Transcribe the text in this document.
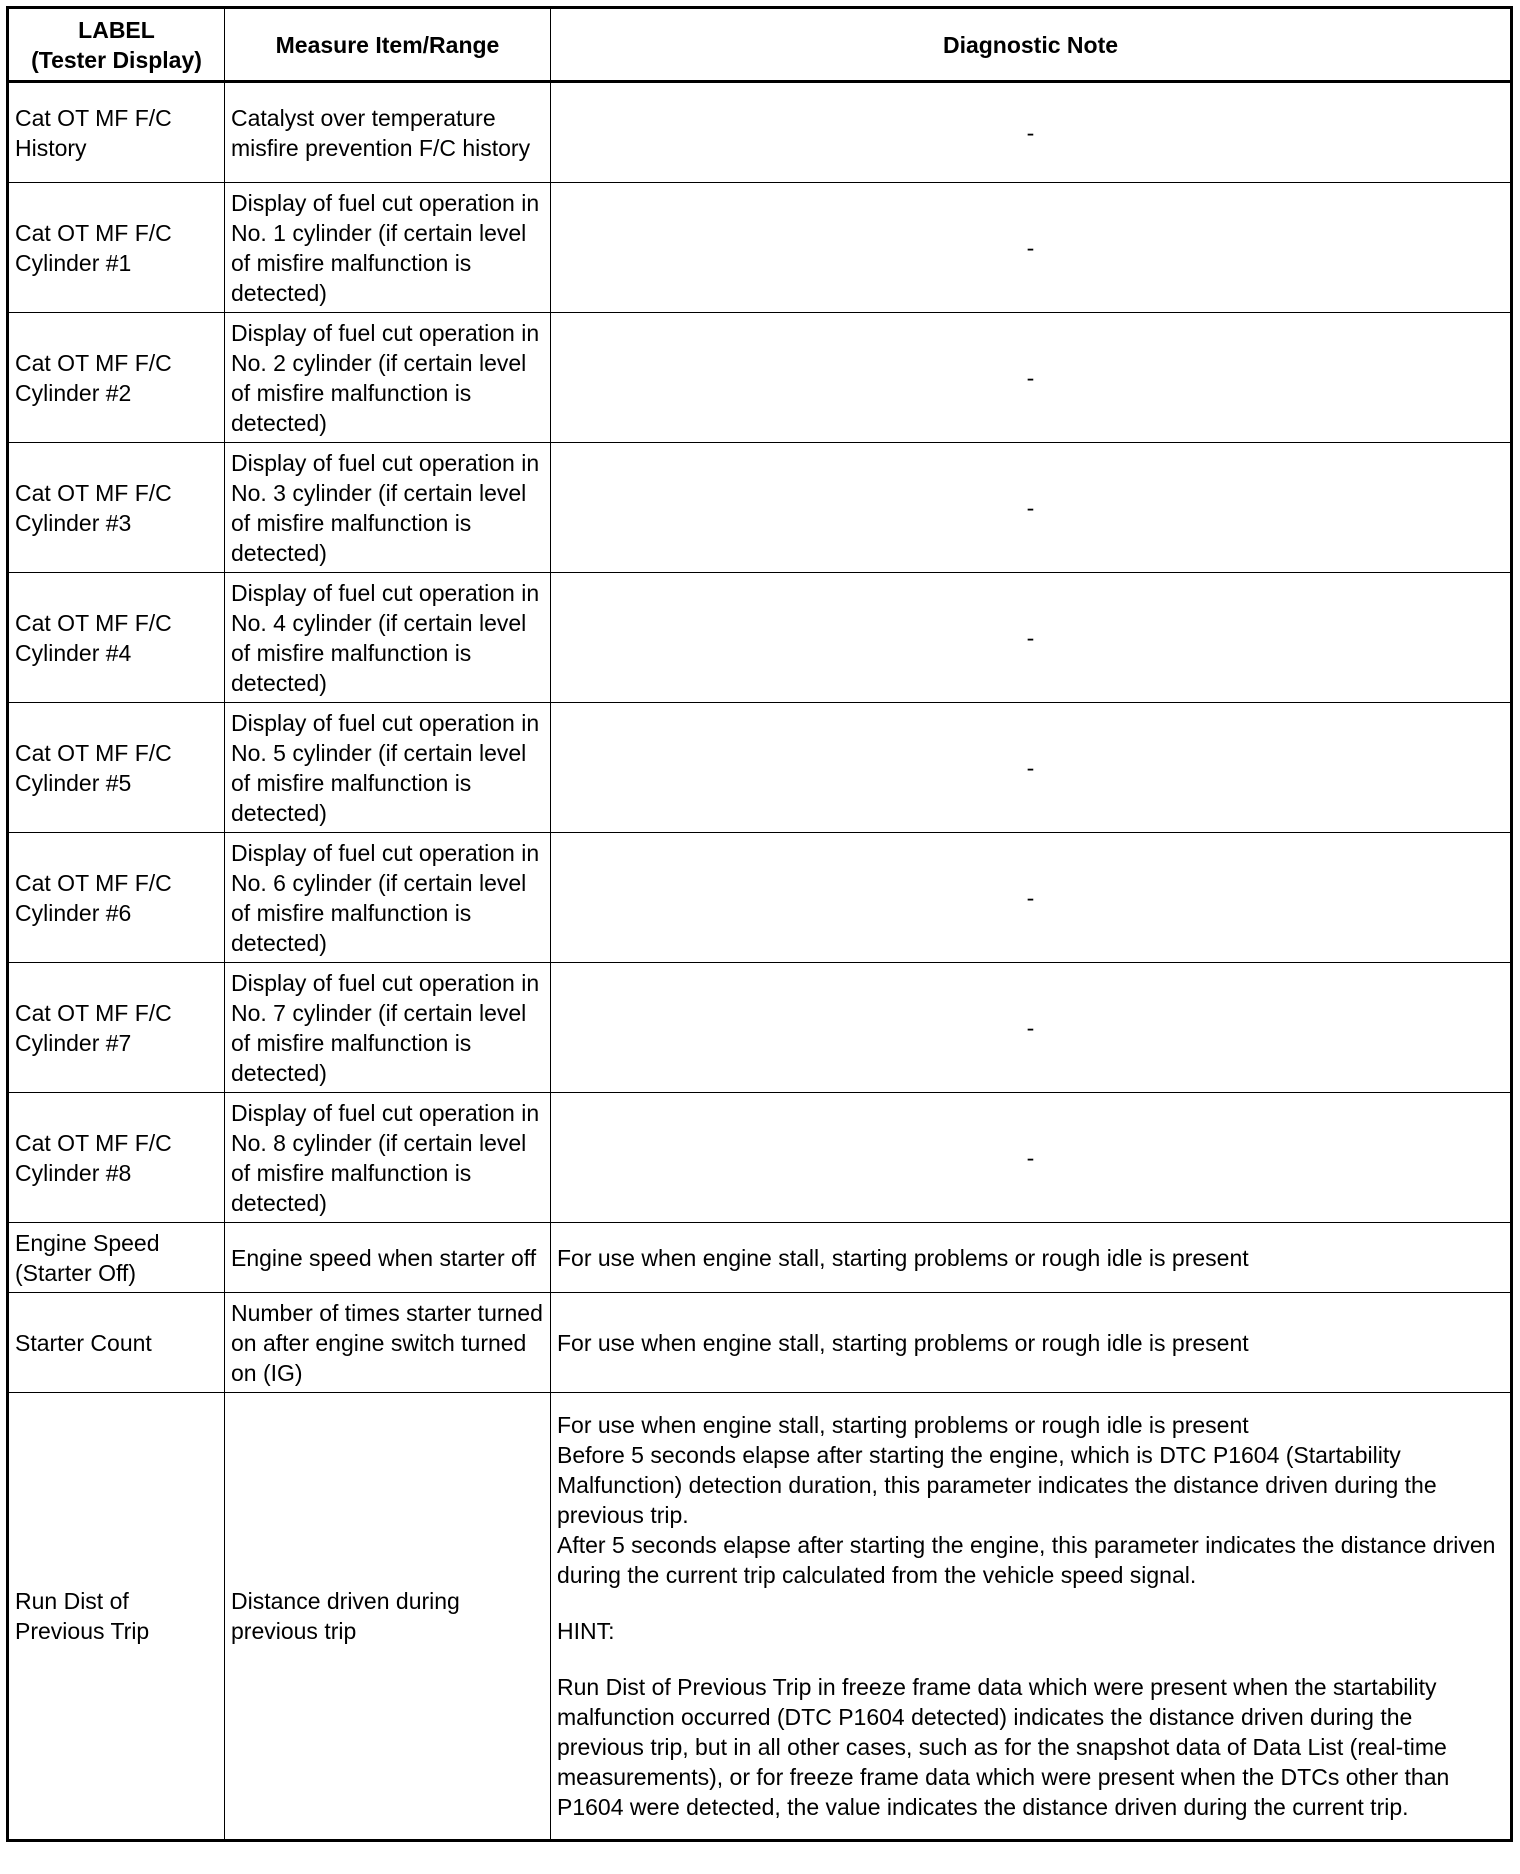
LABEL
(Tester Display)	Measure Item/Range	Diagnostic Note
Cat OT MF F/C History	Catalyst over temperature misfire prevention F/C history	-
Cat OT MF F/C Cylinder #1	Display of fuel cut operation in No. 1 cylinder (if certain level of misfire malfunction is detected)	-
Cat OT MF F/C Cylinder #2	Display of fuel cut operation in No. 2 cylinder (if certain level of misfire malfunction is detected)	-
Cat OT MF F/C Cylinder #3	Display of fuel cut operation in No. 3 cylinder (if certain level of misfire malfunction is detected)	-
Cat OT MF F/C Cylinder #4	Display of fuel cut operation in No. 4 cylinder (if certain level of misfire malfunction is detected)	-
Cat OT MF F/C Cylinder #5	Display of fuel cut operation in No. 5 cylinder (if certain level of misfire malfunction is detected)	-
Cat OT MF F/C Cylinder #6	Display of fuel cut operation in No. 6 cylinder (if certain level of misfire malfunction is detected)	-
Cat OT MF F/C Cylinder #7	Display of fuel cut operation in No. 7 cylinder (if certain level of misfire malfunction is detected)	-
Cat OT MF F/C Cylinder #8	Display of fuel cut operation in No. 8 cylinder (if certain level of misfire malfunction is detected)	-
Engine Speed (Starter Off)	Engine speed when starter off	For use when engine stall, starting problems or rough idle is present
Starter Count	Number of times starter turned on after engine switch turned on (IG)	For use when engine stall, starting problems or rough idle is present
Run Dist of Previous Trip	Distance driven during previous trip	For use when engine stall, starting problems or rough idle is present
Before 5 seconds elapse after starting the engine, which is DTC P1604 (Startability Malfunction) detection duration, this parameter indicates the distance driven during the previous trip.
After 5 seconds elapse after starting the engine, this parameter indicates the distance driven during the current trip calculated from the vehicle speed signal.
HINT:
Run Dist of Previous Trip in freeze frame data which were present when the startability malfunction occurred (DTC P1604 detected) indicates the distance driven during the previous trip, but in all other cases, such as for the snapshot data of Data List (real-time measurements), or for freeze frame data which were present when the DTCs other than P1604 were detected, the value indicates the distance driven during the current trip.
